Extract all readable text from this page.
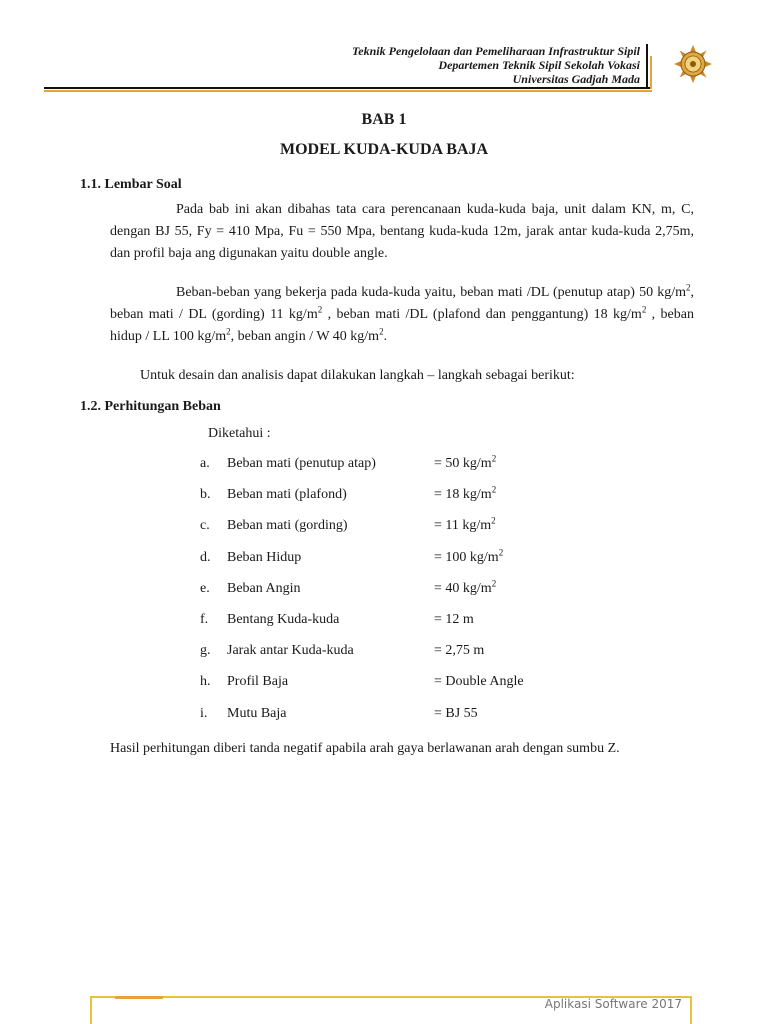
Teknik Pengelolaan dan Pemeliharaan Infrastruktur Sipil
Departemen Teknik Sipil Sekolah Vokasi
Universitas Gadjah Mada
BAB 1
MODEL KUDA-KUDA BAJA
1.1. Lembar Soal
Pada bab ini akan dibahas tata cara perencanaan kuda-kuda baja, unit dalam KN, m, C, dengan BJ 55, Fy = 410 Mpa, Fu = 550 Mpa, bentang kuda-kuda 12m, jarak antar kuda-kuda 2,75m, dan profil baja ang digunakan yaitu double angle.
Beban-beban yang bekerja pada kuda-kuda yaitu, beban mati /DL (penutup atap) 50 $kg/m^2$, beban mati / DL (gording) 11 $kg/m^2$ , beban mati /DL (plafond dan penggantung) 18 $kg/m^2$ , beban hidup / LL 100 $kg/m^2$, beban angin / W 40 $kg/m^2$.
Untuk desain dan analisis dapat dilakukan langkah – langkah sebagai berikut:
1.2. Perhitungan Beban
Diketahui :
a. Beban mati (penutup atap)	= 50 $kg/m^2$
b. Beban mati (plafond)	= 18 $kg/m^2$
c. Beban mati (gording)	= 11 $kg/m^2$
d. Beban Hidup	= 100 $kg/m^2$
e. Beban Angin	= 40 $kg/m^2$
f. Bentang Kuda-kuda	= 12 m
g. Jarak antar Kuda-kuda	= 2,75 m
h. Profil Baja	= Double Angle
i. Mutu Baja	= BJ 55
Hasil perhitungan diberi tanda negatif apabila arah gaya berlawanan arah dengan sumbu Z.
Aplikasi Software 2017
